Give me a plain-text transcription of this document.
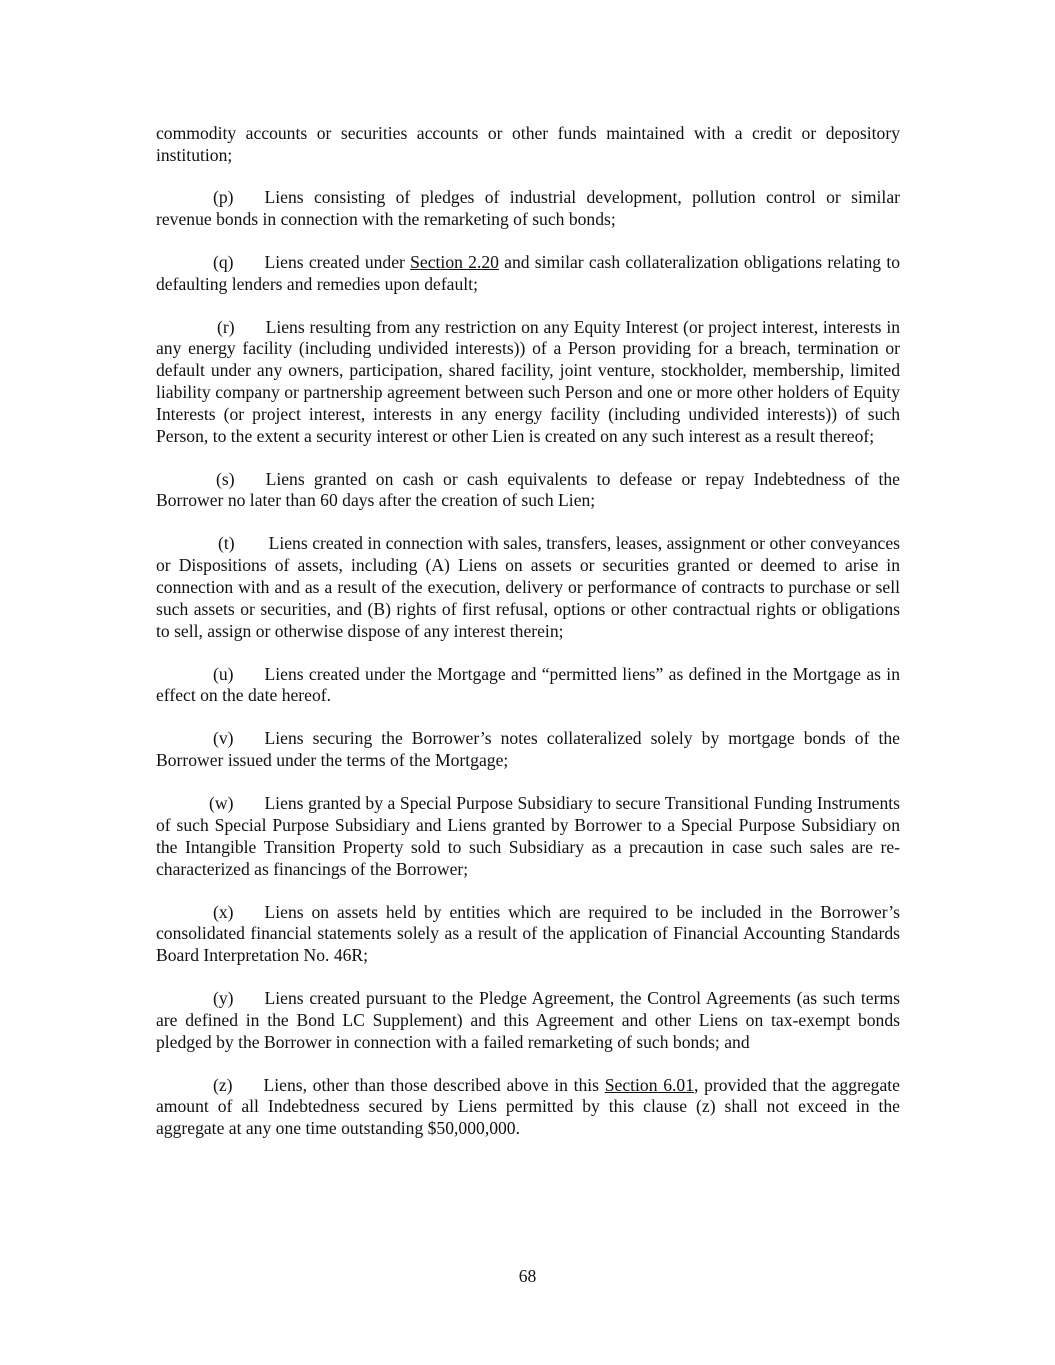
commodity accounts or securities accounts or other funds maintained with a credit or depository institution;

(p) Liens consisting of pledges of industrial development, pollution control or similar revenue bonds in connection with the remarketing of such bonds;

(q) Liens created under Section 2.20 and similar cash collateralization obligations relating to defaulting lenders and remedies upon default;

(r) Liens resulting from any restriction on any Equity Interest (or project interest, interests in any energy facility (including undivided interests)) of a Person providing for a breach, termination or default under any owners, participation, shared facility, joint venture, stockholder, membership, limited liability company or partnership agreement between such Person and one or more other holders of Equity Interests (or project interest, interests in any energy facility (including undivided interests)) of such Person, to the extent a security interest or other Lien is created on any such interest as a result thereof;

(s) Liens granted on cash or cash equivalents to defease or repay Indebtedness of the Borrower no later than 60 days after the creation of such Lien;

(t) Liens created in connection with sales, transfers, leases, assignment or other conveyances or Dispositions of assets, including (A) Liens on assets or securities granted or deemed to arise in connection with and as a result of the execution, delivery or performance of contracts to purchase or sell such assets or securities, and (B) rights of first refusal, options or other contractual rights or obligations to sell, assign or otherwise dispose of any interest therein;

(u) Liens created under the Mortgage and “permitted liens” as defined in the Mortgage as in effect on the date hereof.

(v) Liens securing the Borrower’s notes collateralized solely by mortgage bonds of the Borrower issued under the terms of the Mortgage;

(w) Liens granted by a Special Purpose Subsidiary to secure Transitional Funding Instruments of such Special Purpose Subsidiary and Liens granted by Borrower to a Special Purpose Subsidiary on the Intangible Transition Property sold to such Subsidiary as a precaution in case such sales are re-characterized as financings of the Borrower;

(x) Liens on assets held by entities which are required to be included in the Borrower’s consolidated financial statements solely as a result of the application of Financial Accounting Standards Board Interpretation No. 46R;

(y) Liens created pursuant to the Pledge Agreement, the Control Agreements (as such terms are defined in the Bond LC Supplement) and this Agreement and other Liens on tax-exempt bonds pledged by the Borrower in connection with a failed remarketing of such bonds; and

(z) Liens, other than those described above in this Section 6.01, provided that the aggregate amount of all Indebtedness secured by Liens permitted by this clause (z) shall not exceed in the aggregate at any one time outstanding $50,000,000.

68
